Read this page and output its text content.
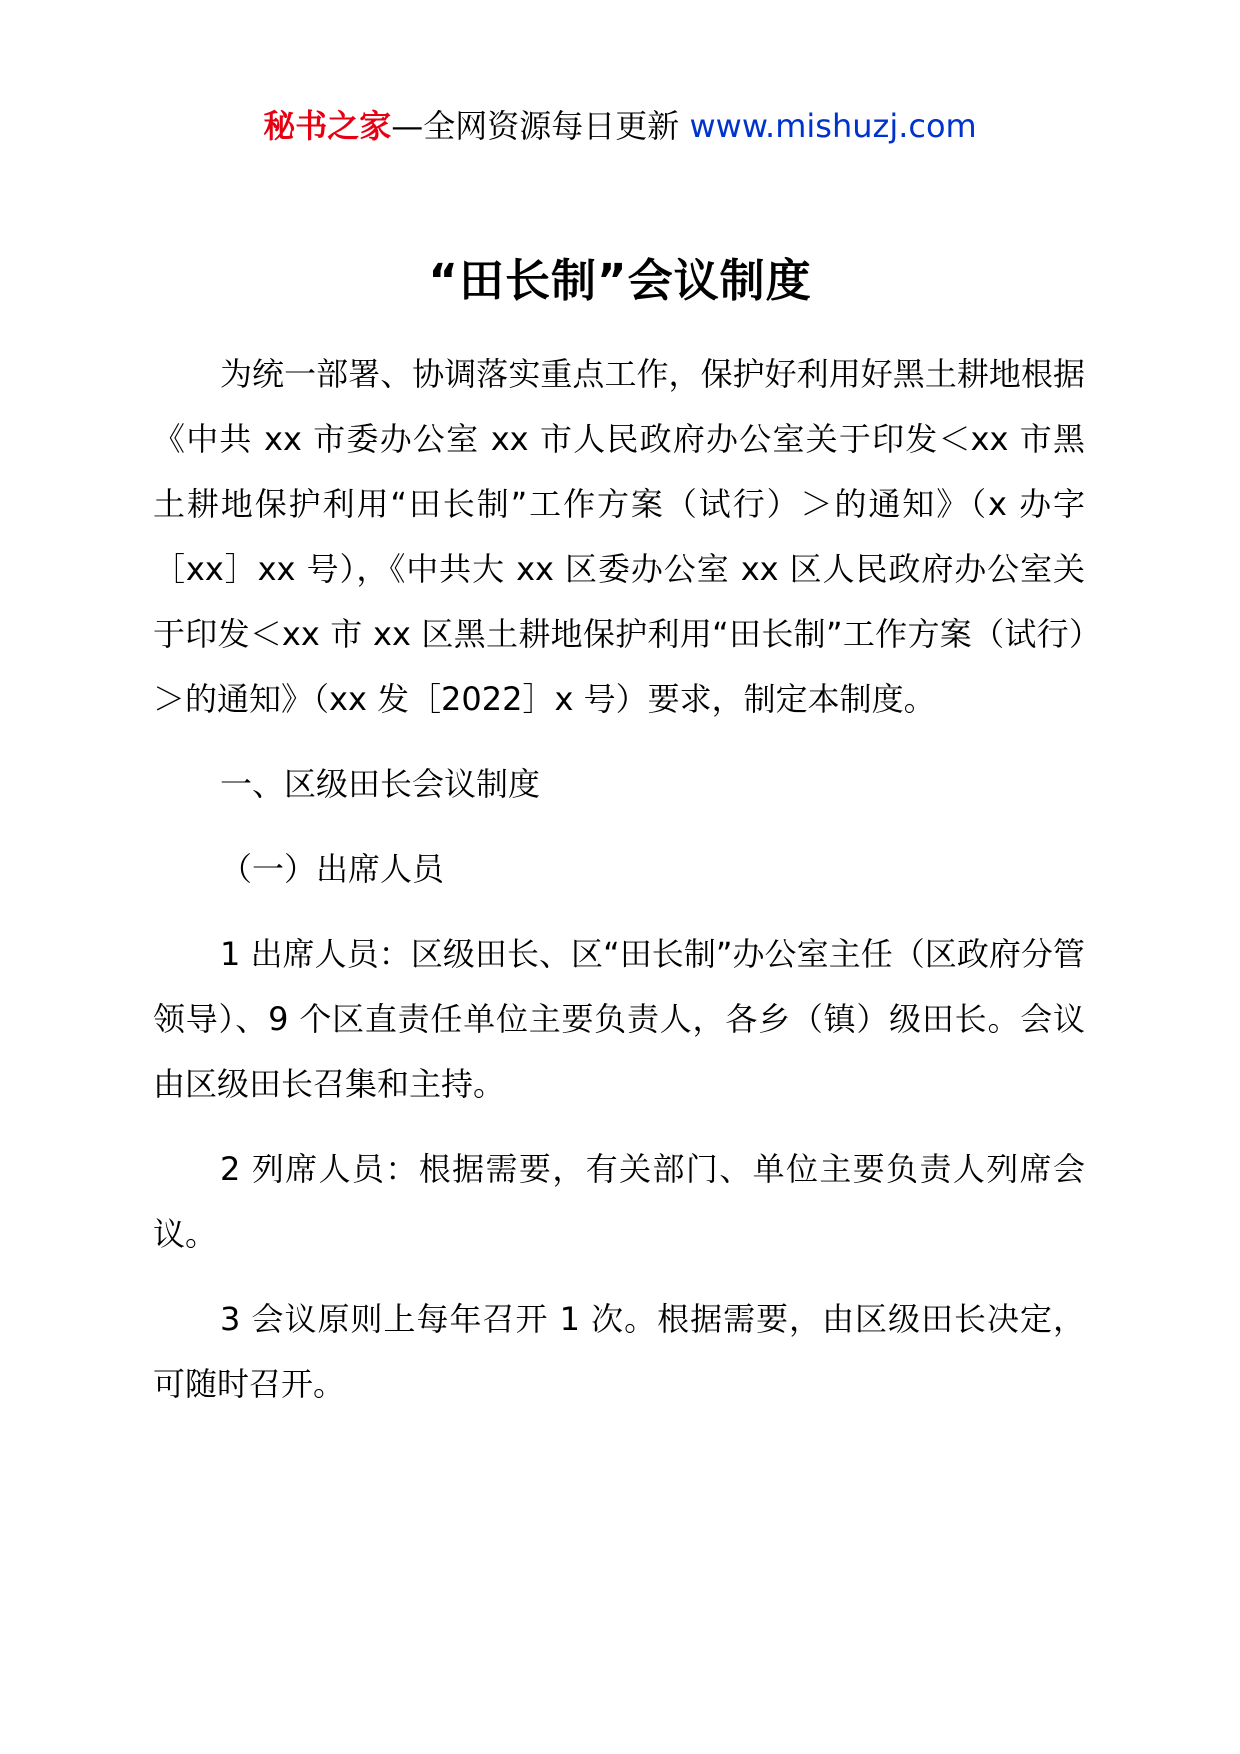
秘书之家—全网资源每日更新 www.mishuzj.com
“田长制”会议制度

为统一部署、协调落实重点工作，保护好利用好黑土耕地根据《中共 xx 市委办公室 xx 市人民政府办公室关于印发＜xx 市黑土耕地保护利用“田长制”工作方案（试行）＞的通知》（x 办字［xx］xx 号），《中共大 xx 区委办公室 xx 区人民政府办公室关于印发＜xx 市 xx 区黑土耕地保护利用“田长制”工作方案（试行）＞的通知》（xx 发［2022］x 号）要求，制定本制度。

一、区级田长会议制度

（一）出席人员

1 出席人员：区级田长、区“田长制”办公室主任（区政府分管领导）、9 个区直责任单位主要负责人，各乡（镇）级田长。会议由区级田长召集和主持。

2 列席人员：根据需要，有关部门、单位主要负责人列席会议。

3 会议原则上每年召开 1 次。根据需要，由区级田长决定，可随时召开。
